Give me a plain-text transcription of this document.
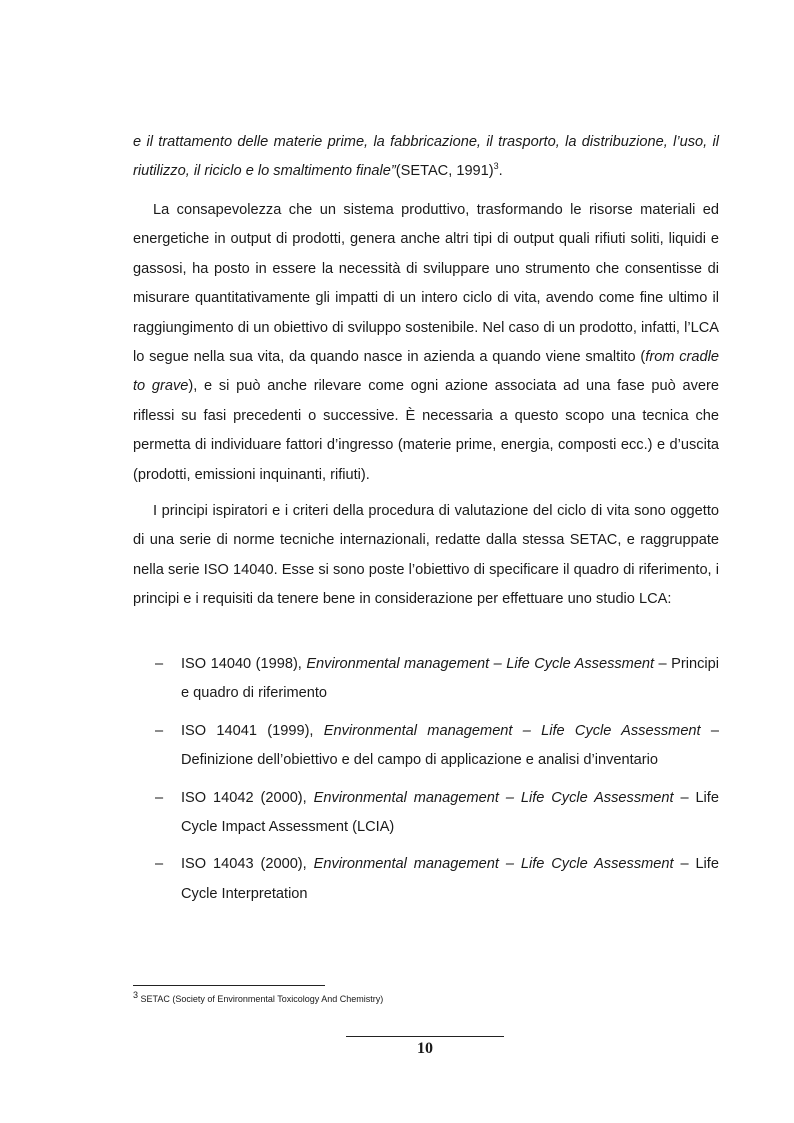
e il trattamento delle materie prime, la fabbricazione, il trasporto, la distribuzione, l’uso, il riutilizzo, il riciclo e lo smaltimento finale”(SETAC, 1991)$^3$.

La consapevolezza che un sistema produttivo, trasformando le risorse materiali ed energetiche in output di prodotti, genera anche altri tipi di output quali rifiuti soliti, liquidi e gassosi, ha posto in essere la necessità di sviluppare uno strumento che consentisse di misurare quantitativamente gli impatti di un intero ciclo di vita, avendo come fine ultimo il raggiungimento di un obiettivo di sviluppo sostenibile. Nel caso di un prodotto, infatti, l’LCA lo segue nella sua vita, da quando nasce in azienda a quando viene smaltito (from cradle to grave), e si può anche rilevare come ogni azione associata ad una fase può avere riflessi su fasi precedenti o successive. È necessaria a questo scopo una tecnica che permetta di individuare fattori d’ingresso (materie prime, energia, composti ecc.) e d’uscita (prodotti, emissioni inquinanti, rifiuti).

I principi ispiratori e i criteri della procedura di valutazione del ciclo di vita sono oggetto di una serie di norme tecniche internazionali, redatte dalla stessa SETAC, e raggruppate nella serie ISO 14040. Esse si sono poste l’obiettivo di specificare il quadro di riferimento, i principi e i requisiti da tenere bene in considerazione per effettuare uno studio LCA:

– ISO 14040 (1998), Environmental management – Life Cycle Assessment – Principi e quadro di riferimento
– ISO 14041 (1999), Environmental management – Life Cycle Assessment – Definizione dell’obiettivo e del campo di applicazione e analisi d’inventario
– ISO 14042 (2000), Environmental management – Life Cycle Assessment – Life Cycle Impact Assessment (LCIA)
– ISO 14043 (2000), Environmental management – Life Cycle Assessment – Life Cycle Interpretation
$^3$ SETAC (Society of Environmental Toxicology And Chemistry)
10
